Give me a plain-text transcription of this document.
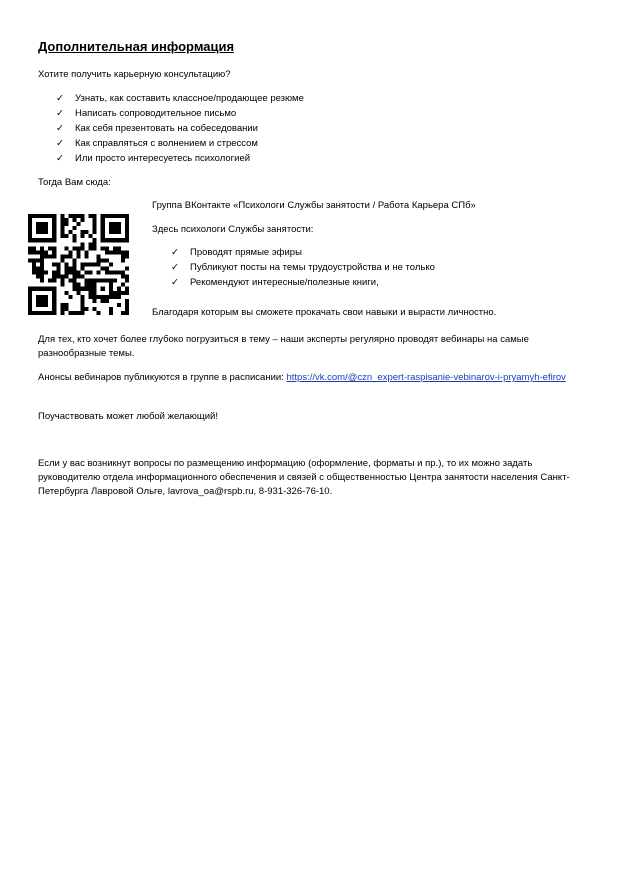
Дополнительная информация
Хотите получить карьерную консультацию?
✓ Узнать, как составить классное/продающее резюме
✓ Написать сопроводительное письмо
✓ Как себя презентовать на собеседовании
✓ Как справляться с волнением и стрессом
✓ Или просто интересуетесь психологией
Тогда Вам сюда:
Группа ВКонтакте «Психологи Службы занятости / Работа Карьера СПб»
Здесь психологи Службы занятости:
✓ Проводят прямые эфиры
✓ Публикуют посты на темы трудоустройства и не только
✓ Рекомендуют интересные/полезные книги,
Благодаря которым вы сможете прокачать свои навыки и вырасти личностно.
Для тех, кто хочет более глубоко погрузиться в тему – наши эксперты регулярно проводят вебинары на самые разнообразные темы.
Анонсы вебинаров публикуются в группе в расписании: https://vk.com/@czn_expert-raspisanie-vebinarov-i-pryamyh-efirov
Поучаствовать может любой желающий!
Если у вас возникнут вопросы по размещению информацию (оформление, форматы и пр.), то их можно задать руководителю отдела информационного обеспечения и связей с общественностью Центра занятости населения Санкт-Петербурга Лавровой Ольге, lavrova_oa@rspb.ru, 8-931-326-76-10.
